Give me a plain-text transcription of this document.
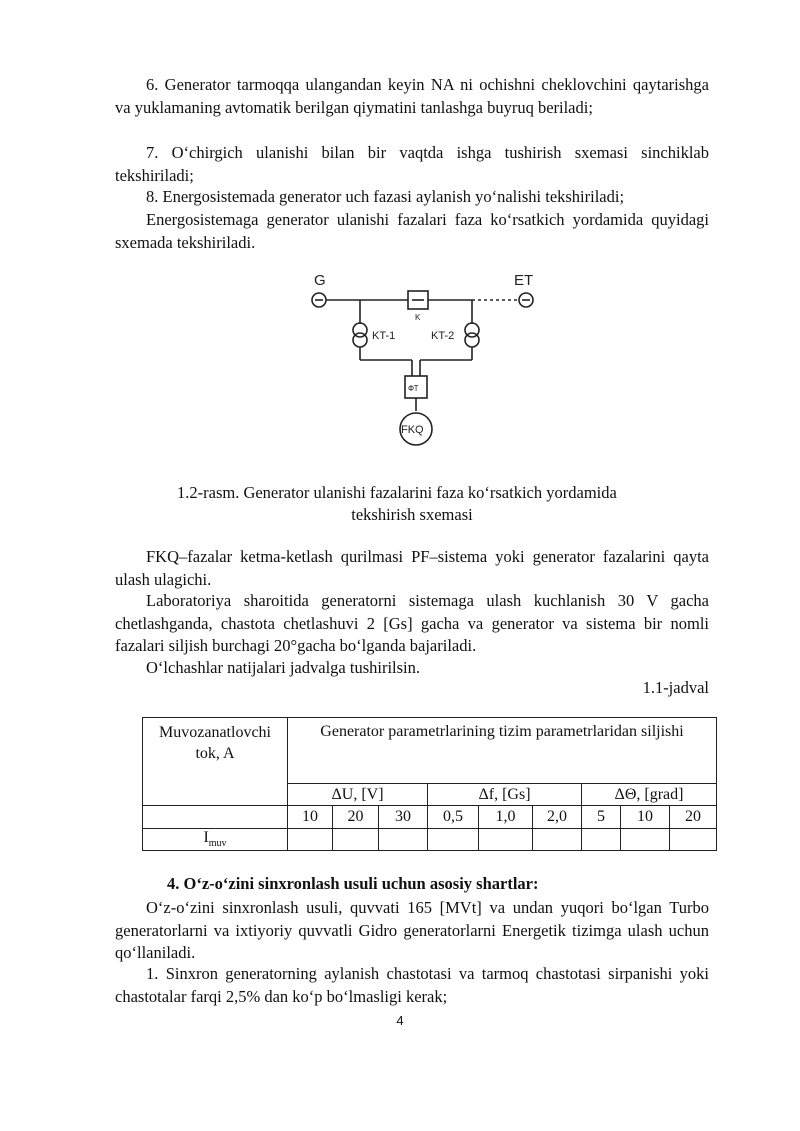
6. Generator tarmoqqa ulangandan keyin NA ni ochishni cheklovchini qaytarishga va yuklamaning avtomatik berilgan qiymatini tanlashga buyruq beriladi;

7. O‘chirgich ulanishi bilan bir vaqtda ishga tushirish sxemasi sinchiklab tekshiriladi;

8. Energosistemada generator uch fazasi aylanish yo‘nalishi tekshiriladi;

Energosistemaga generator ulanishi fazalari faza ko‘rsatkich yordamida quyidagi sxemada tekshiriladi.

G	ET
K
KT-1	KT-2
ФТ
FKQ
1.2-rasm. Generator ulanishi fazalarini faza ko‘rsatkich yordamida
tekshirish sxemasi

FKQ–fazalar ketma-ketlash qurilmasi PF–sistema yoki generator fazalarini qayta ulash ulagichi.

Laboratoriya sharoitida generatorni sistemaga ulash kuchlanish 30 V gacha chetlashganda, chastota chetlashuvi 2 [Gs] gacha va generator va sistema bir nomli fazalari siljish burchagi 20°gacha bo‘lganda bajariladi.

O‘lchashlar natijalari jadvalga tushirilsin.

1.1-jadval
Muvozanatlovchi
tok, A	Generator parametrlarining tizim parametrlaridan siljishi								
	ΔU, [V]			Δf, [Gs]			ΔΘ, [grad]		
	10	20	30	0,5	1,0	2,0	5	10	20
$I_{muv}$									
4. O‘z-o‘zini sinxronlash usuli uchun asosiy shartlar:

O‘z-o‘zini sinxronlash usuli, quvvati 165 [MVt] va undan yuqori bo‘lgan Turbo generatorlarni va ixtiyoriy quvvatli Gidro generatorlarni Energetik tizimga ulash uchun qo‘llaniladi.

1. Sinxron generatorning aylanish chastotasi va tarmoq chastotasi sirpanishi yoki chastotalar farqi 2,5% dan ko‘p bo‘lmasligi kerak;

4
